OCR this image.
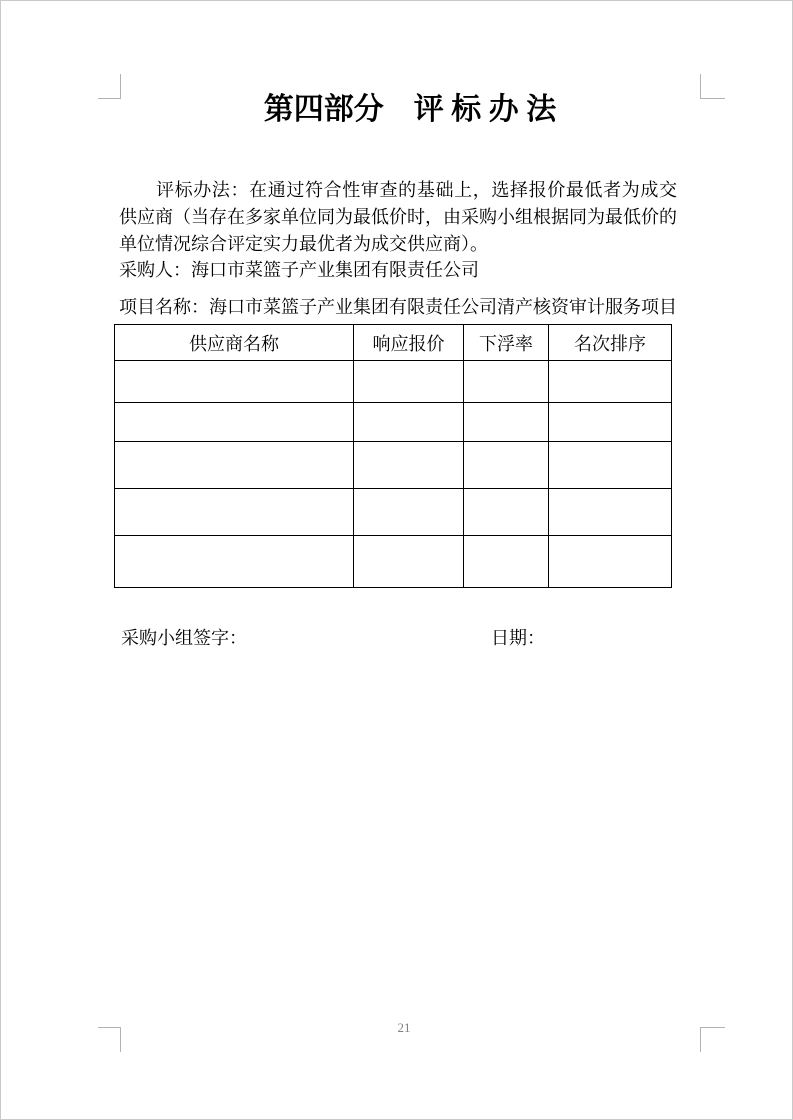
第四部分　评 标 办 法

评标办法：在通过符合性审查的基础上，选择报价最低者为成交供应商（当存在多家单位同为最低价时，由采购小组根据同为最低价的单位情况综合评定实力最优者为成交供应商）。

采购人：海口市菜篮子产业集团有限责任公司
项目名称：海口市菜篮子产业集团有限责任公司清产核资审计服务项目
供应商名称	响应报价	下浮率	名次排序

采购小组签字：	日期：
21
